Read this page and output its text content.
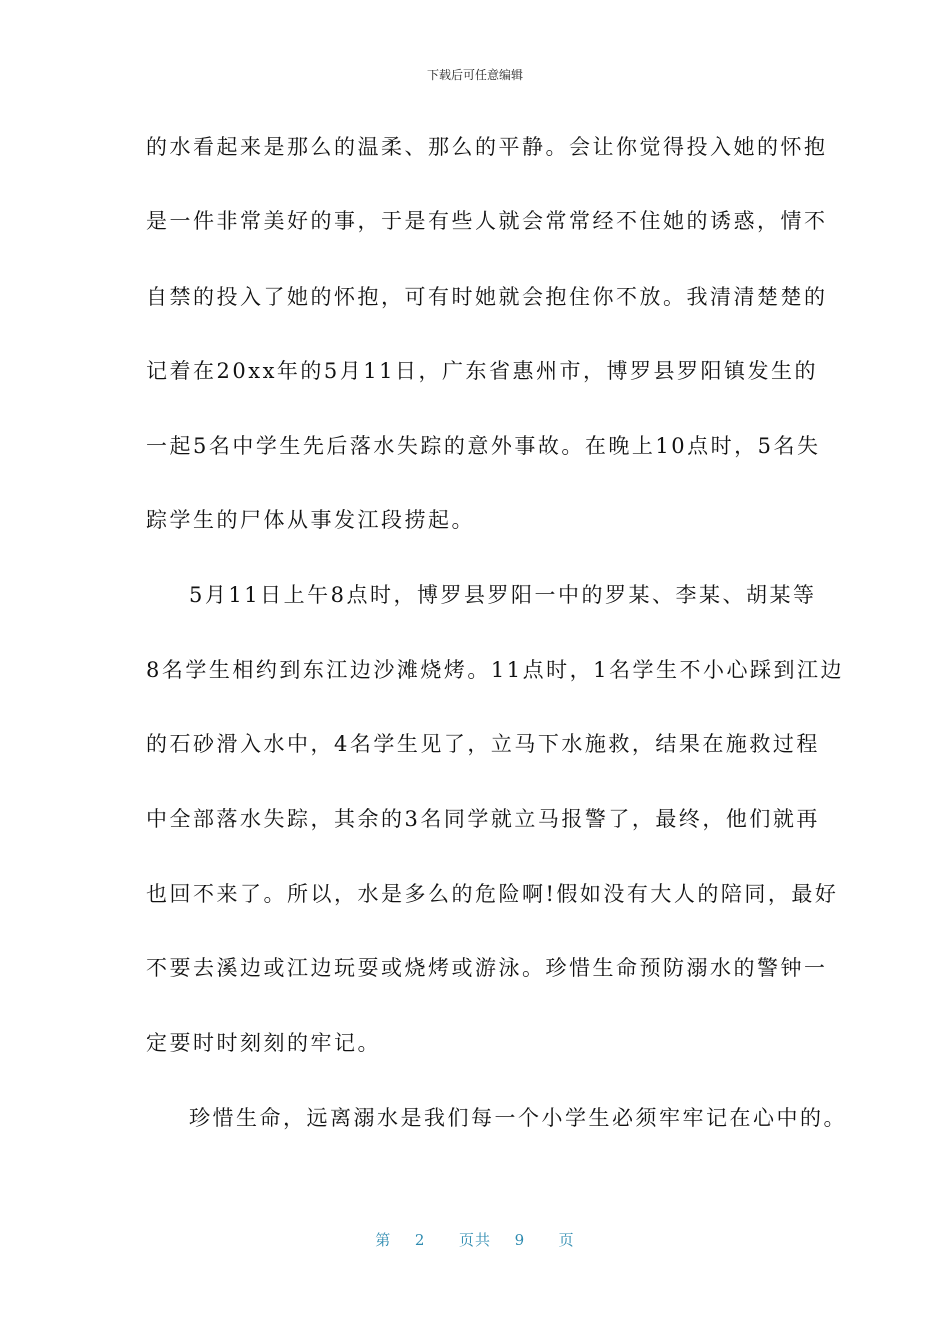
下载后可任意编辑
的水看起来是那么的温柔、那么的平静。会让你觉得投入她的怀抱
是一件非常美好的事，于是有些人就会常常经不住她的诱惑，情不
自禁的投入了她的怀抱，可有时她就会抱住你不放。我清清楚楚的
记着在20xx年的5月11日，广东省惠州市，博罗县罗阳镇发生的
一起5名中学生先后落水失踪的意外事故。在晚上10点时，5名失
踪学生的尸体从事发江段捞起。
5月11日上午8点时，博罗县罗阳一中的罗某、李某、胡某等
8名学生相约到东江边沙滩烧烤。11点时，1名学生不小心踩到江边
的石砂滑入水中，4名学生见了，立马下水施救，结果在施救过程
中全部落水失踪，其余的3名同学就立马报警了，最终，他们就再
也回不来了。所以，水是多么的危险啊!假如没有大人的陪同，最好
不要去溪边或江边玩耍或烧烤或游泳。珍惜生命预防溺水的警钟一
定要时时刻刻的牢记。
珍惜生命，远离溺水是我们每一个小学生必须牢牢记在心中的。
第 2 页共 9 页
